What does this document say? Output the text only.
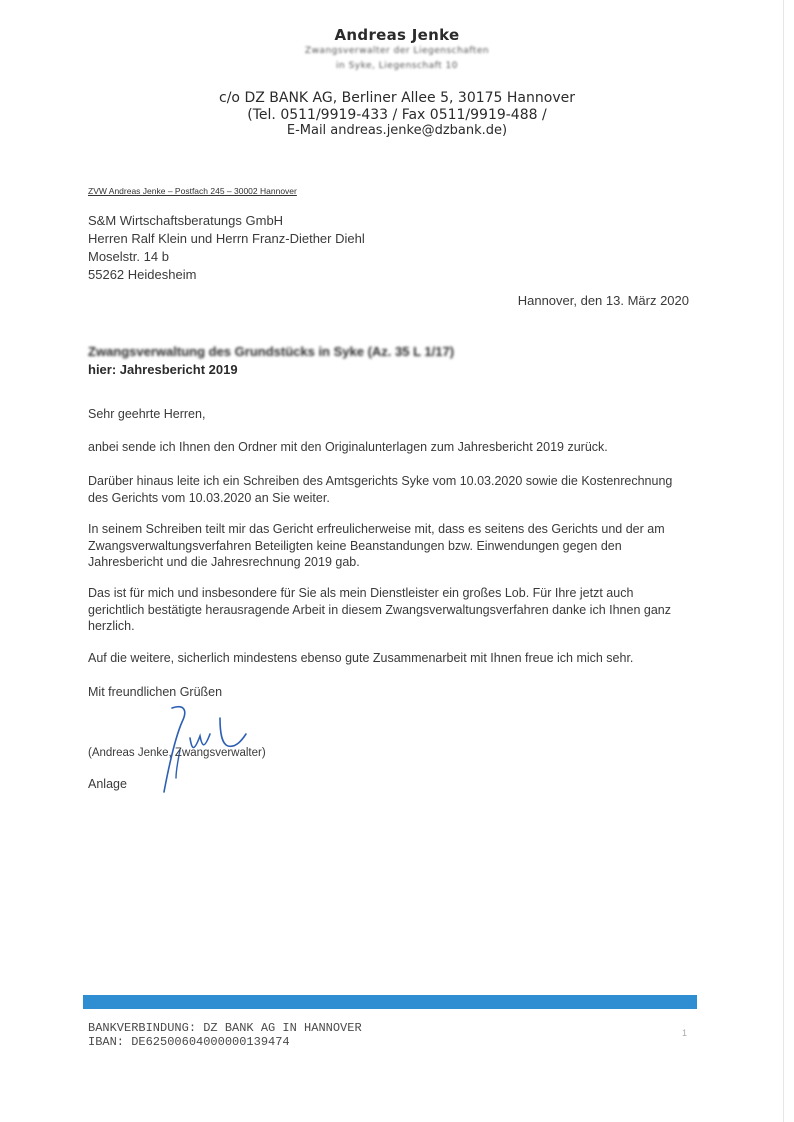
Andreas Jenke
Zwangsverwalter der Liegenschaften
in Syke, Liegenschaft 10
c/o DZ BANK AG, Berliner Allee 5, 30175 Hannover
(Tel. 0511/9919-433 / Fax 0511/9919-488 /
E-Mail andreas.jenke@dzbank.de)
ZVW Andreas Jenke – Postfach 245 – 30002 Hannover
S&M Wirtschaftsberatungs GmbH
Herren Ralf Klein und Herrn Franz-Diether Diehl
Moselstr. 14 b
55262 Heidesheim
Hannover, den 13. März 2020
Zwangsverwaltung des Grundstücks in Syke (Az. 35 L 1/17)
hier: Jahresbericht 2019
Sehr geehrte Herren,
anbei sende ich Ihnen den Ordner mit den Originalunterlagen zum Jahresbericht 2019 zurück.
Darüber hinaus leite ich ein Schreiben des Amtsgerichts Syke vom 10.03.2020 sowie die Kostenrechnung des Gerichts vom 10.03.2020 an Sie weiter.
In seinem Schreiben teilt mir das Gericht erfreulicherweise mit, dass es seitens des Gerichts und der am Zwangsverwaltungsverfahren Beteiligten keine Beanstandungen bzw. Einwendungen gegen den Jahresbericht und die Jahresrechnung 2019 gab.
Das ist für mich und insbesondere für Sie als mein Dienstleister ein großes Lob. Für Ihre jetzt auch gerichtlich bestätigte herausragende Arbeit in diesem Zwangsverwaltungsverfahren danke ich Ihnen ganz herzlich.
Auf die weitere, sicherlich mindestens ebenso gute Zusammenarbeit mit Ihnen freue ich mich sehr.
Mit freundlichen Grüßen
(Andreas Jenke, Zwangsverwalter)
Anlage
BANKVERBINDUNG: DZ BANK AG IN HANNOVER
IBAN: DE62500604000000139474
1
